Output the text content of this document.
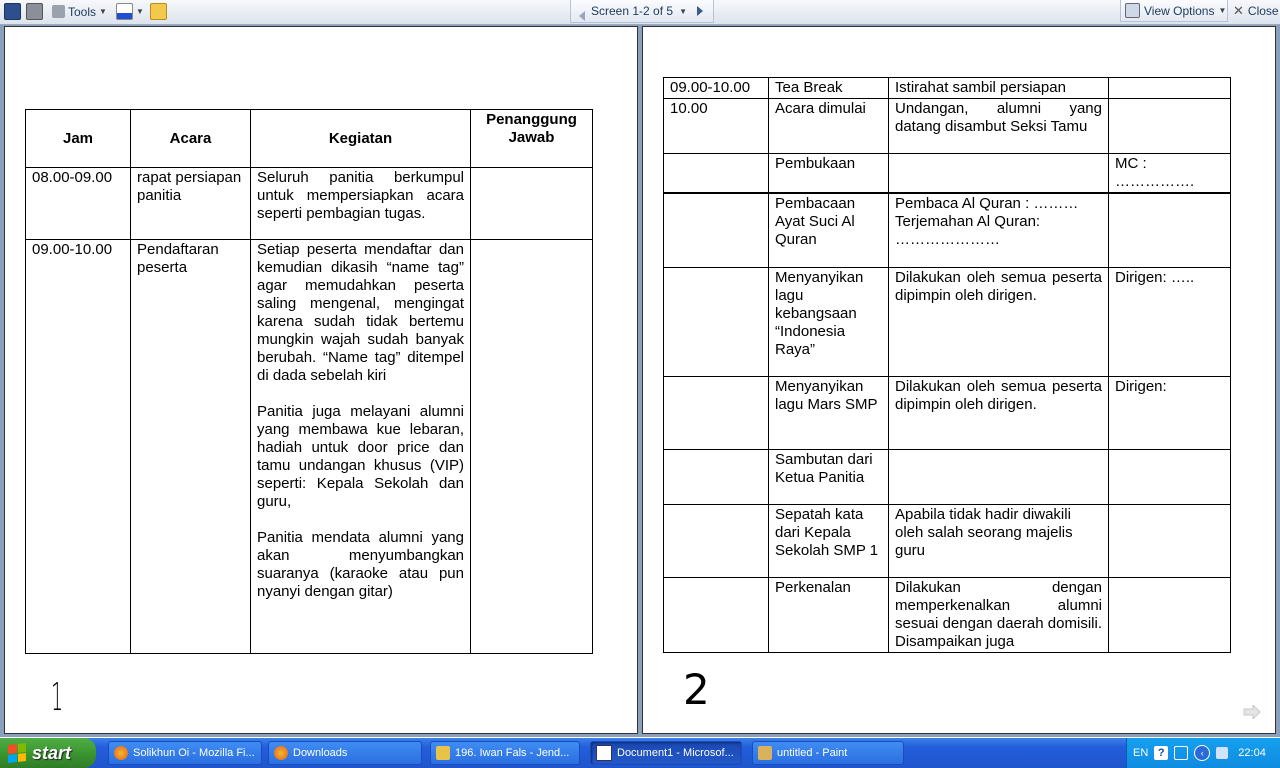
Tools ▼	▼	Screen 1-2 of 5 ▼	View Options ▼ ✕ Close
Jam	Acara	Kegiatan	Penanggung Jawab
08.00-09.00	rapat persiapan panitia	Seluruh panitia berkumpul untuk mempersiapkan acara seperti pembagian tugas.	

09.00-10.00	Pendaftaran peserta	Setiap peserta mendaftar dan kemudian dikasih “name tag” agar memudahkan peserta saling mengenal, mengingat karena sudah tidak bertemu mungkin wajah sudah banyak berubah. “Name tag” ditempel di dada sebelah kiri
Panitia juga melayani alumni yang membawa kue lebaran, hadiah untuk door price dan tamu undangan khusus (VIP) seperti: Kepala Sekolah dan guru,
Panitia mendata alumni yang akan menyumbangkan suaranya (karaoke atau pun nyanyi dengan gitar)	

1
09.00-10.00	Tea Break	Istirahat sambil persiapan	
10.00	Acara dimulai	Undangan, alumni yang datang disambut Seksi Tamu	
	Pembukaan		MC : …………….
	Pembacaan Ayat Suci Al Quran	Pembaca Al Quran : ……… Terjemahan Al Quran: …………………	
	Menyanyikan lagu kebangsaan “Indonesia Raya”	Dilakukan oleh semua peserta dipimpin oleh dirigen.	Dirigen: …..
	Menyanyikan lagu Mars SMP	Dilakukan oleh semua peserta dipimpin oleh dirigen.	Dirigen:
	Sambutan dari Ketua Panitia		
	Sepatah kata dari Kepala Sekolah SMP 1	Apabila tidak hadir diwakili oleh salah seorang majelis guru	
	Perkenalan	Dilakukan dengan memperkenalkan alumni sesuai dengan daerah domisili. Disampaikan juga	
2
start	Solikhun Oi - Mozilla Fi...	Downloads	196. Iwan Fals - Jend...	Document1 - Microsof...	untitled - Paint	EN ?	‹	22:04
